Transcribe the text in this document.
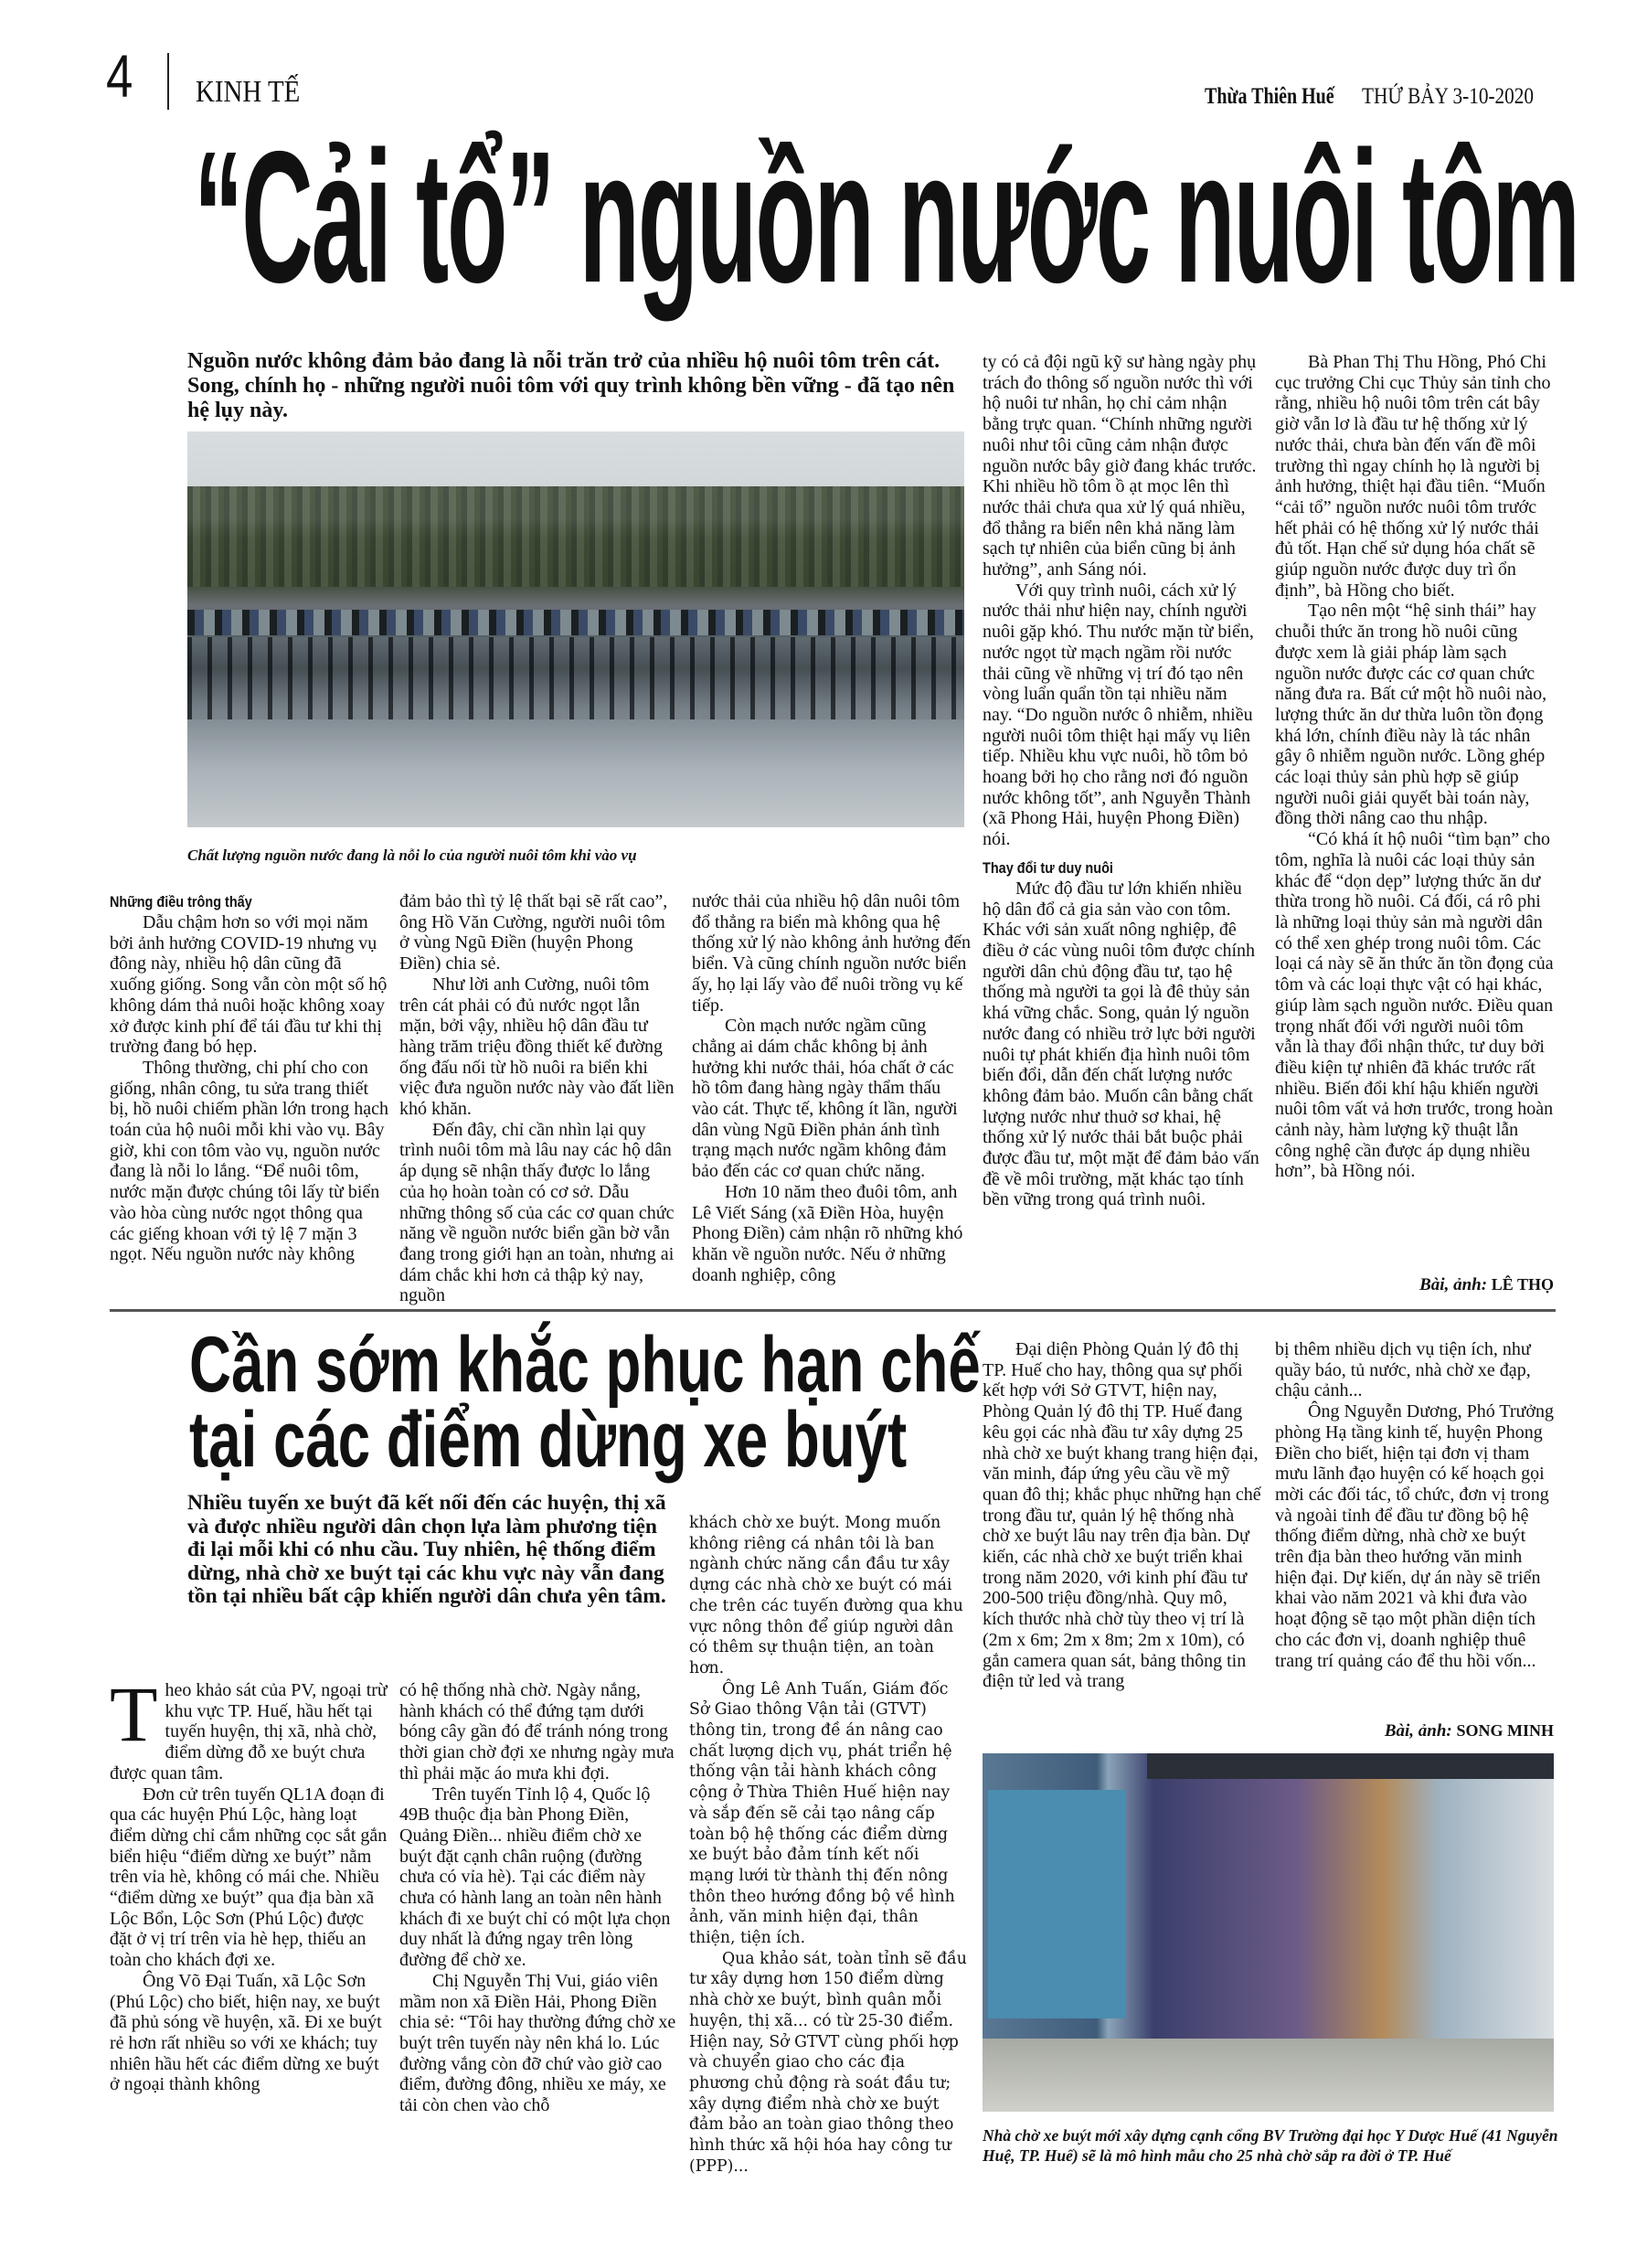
4 KINH TẾ	Thừa Thiên Huế THỨ BẢY 3-10-2020
“Cải tổ” nguồn nước nuôi tôm
Nguồn nước không đảm bảo đang là nỗi trăn trở của nhiều hộ nuôi tôm trên cát. Song, chính họ - những người nuôi tôm với quy trình không bền vững - đã tạo nên hệ lụy này.
Chất lượng nguồn nước đang là nỗi lo của người nuôi tôm khi vào vụ
Những điều trông thấy

Dẫu chậm hơn so với mọi năm bởi ảnh hưởng COVID-19 nhưng vụ đông này, nhiều hộ dân cũng đã xuống giống. Song vẫn còn một số hộ không dám thả nuôi hoặc không xoay xở được kinh phí để tái đầu tư khi thị trường đang bó hẹp.

Thông thường, chi phí cho con giống, nhân công, tu sửa trang thiết bị, hồ nuôi chiếm phần lớn trong hạch toán của hộ nuôi mỗi khi vào vụ. Bây giờ, khi con tôm vào vụ, nguồn nước đang là nỗi lo lắng. “Để nuôi tôm, nước mặn được chúng tôi lấy từ biển vào hòa cùng nước ngọt thông qua các giếng khoan với tỷ lệ 7 mặn 3 ngọt. Nếu nguồn nước này không

đảm bảo thì tỷ lệ thất bại sẽ rất cao”, ông Hồ Văn Cường, người nuôi tôm ở vùng Ngũ Điền (huyện Phong Điền) chia sẻ.

Như lời anh Cường, nuôi tôm trên cát phải có đủ nước ngọt lẫn mặn, bởi vậy, nhiều hộ dân đầu tư hàng trăm triệu đồng thiết kế đường ống đấu nối từ hồ nuôi ra biển khi việc đưa nguồn nước này vào đất liền khó khăn.

Đến đây, chỉ cần nhìn lại quy trình nuôi tôm mà lâu nay các hộ dân áp dụng sẽ nhận thấy được lo lắng của họ hoàn toàn có cơ sở. Dẫu những thông số của các cơ quan chức năng về nguồn nước biển gần bờ vẫn đang trong giới hạn an toàn, nhưng ai dám chắc khi hơn cả thập kỷ nay, nguồn

nước thải của nhiều hộ dân nuôi tôm đổ thẳng ra biển mà không qua hệ thống xử lý nào không ảnh hưởng đến biển. Và cũng chính nguồn nước biển ấy, họ lại lấy vào để nuôi trồng vụ kế tiếp.

Còn mạch nước ngầm cũng chẳng ai dám chắc không bị ảnh hưởng khi nước thải, hóa chất ở các hồ tôm đang hàng ngày thẩm thấu vào cát. Thực tế, không ít lần, người dân vùng Ngũ Điền phản ánh tình trạng mạch nước ngầm không đảm bảo đến các cơ quan chức năng.

Hơn 10 năm theo đuôi tôm, anh Lê Viết Sáng (xã Điền Hòa, huyện Phong Điền) cảm nhận rõ những khó khăn về nguồn nước. Nếu ở những doanh nghiệp, công

ty có cả đội ngũ kỹ sư hàng ngày phụ trách đo thông số nguồn nước thì với hộ nuôi tư nhân, họ chỉ cảm nhận bằng trực quan. “Chính những người nuôi như tôi cũng cảm nhận được nguồn nước bây giờ đang khác trước. Khi nhiều hồ tôm ồ ạt mọc lên thì nước thải chưa qua xử lý quá nhiều, đổ thẳng ra biển nên khả năng làm sạch tự nhiên của biển cũng bị ảnh hưởng”, anh Sáng nói.

Với quy trình nuôi, cách xử lý nước thải như hiện nay, chính người nuôi gặp khó. Thu nước mặn từ biển, nước ngọt từ mạch ngầm rồi nước thải cũng về những vị trí đó tạo nên vòng luẩn quẩn tồn tại nhiều năm nay. “Do nguồn nước ô nhiễm, nhiều người nuôi tôm thiệt hại mấy vụ liên tiếp. Nhiều khu vực nuôi, hồ tôm bỏ hoang bởi họ cho rằng nơi đó nguồn nước không tốt”, anh Nguyễn Thành (xã Phong Hải, huyện Phong Điền) nói.

Thay đổi tư duy nuôi

Mức độ đầu tư lớn khiến nhiều hộ dân đổ cả gia sản vào con tôm. Khác với sản xuất nông nghiệp, đê điều ở các vùng nuôi tôm được chính người dân chủ động đầu tư, tạo hệ thống mà người ta gọi là đê thủy sản khá vững chắc. Song, quản lý nguồn nước đang có nhiều trở lực bởi người nuôi tự phát khiến địa hình nuôi tôm biến đổi, dẫn đến chất lượng nước không đảm bảo. Muốn cân bằng chất lượng nước như thuở sơ khai, hệ thống xử lý nước thải bắt buộc phải được đầu tư, một mặt để đảm bảo vấn đề về môi trường, mặt khác tạo tính bền vững trong quá trình nuôi.

Bà Phan Thị Thu Hồng, Phó Chi cục trưởng Chi cục Thủy sản tỉnh cho rằng, nhiều hộ nuôi tôm trên cát bây giờ vẫn lơ là đầu tư hệ thống xử lý nước thải, chưa bàn đến vấn đề môi trường thì ngay chính họ là người bị ảnh hưởng, thiệt hại đầu tiên. “Muốn “cải tổ” nguồn nước nuôi tôm trước hết phải có hệ thống xử lý nước thải đủ tốt. Hạn chế sử dụng hóa chất sẽ giúp nguồn nước được duy trì ổn định”, bà Hồng cho biết.

Tạo nên một “hệ sinh thái” hay chuỗi thức ăn trong hồ nuôi cũng được xem là giải pháp làm sạch nguồn nước được các cơ quan chức năng đưa ra. Bất cứ một hồ nuôi nào, lượng thức ăn dư thừa luôn tồn đọng khá lớn, chính điều này là tác nhân gây ô nhiễm nguồn nước. Lồng ghép các loại thủy sản phù hợp sẽ giúp người nuôi giải quyết bài toán này, đồng thời nâng cao thu nhập.

“Có khá ít hộ nuôi “tìm bạn” cho tôm, nghĩa là nuôi các loại thủy sản khác để “dọn dẹp” lượng thức ăn dư thừa trong hồ nuôi. Cá đối, cá rô phi là những loại thủy sản mà người dân có thể xen ghép trong nuôi tôm. Các loại cá này sẽ ăn thức ăn tồn đọng của tôm và các loại thực vật có hại khác, giúp làm sạch nguồn nước. Điều quan trọng nhất đối với người nuôi tôm vẫn là thay đổi nhận thức, tư duy bởi điều kiện tự nhiên đã khác trước rất nhiều. Biến đổi khí hậu khiến người nuôi tôm vất vả hơn trước, trong hoàn cảnh này, hàm lượng kỹ thuật lẫn công nghệ cần được áp dụng nhiều hơn”, bà Hồng nói.

Bài, ảnh: LÊ THỌ
Cần sớm khắc phục hạn chế
tại các điểm dừng xe buýt
Nhiều tuyến xe buýt đã kết nối đến các huyện, thị xã và được nhiều người dân chọn lựa làm phương tiện đi lại mỗi khi có nhu cầu. Tuy nhiên, hệ thống điểm dừng, nhà chờ xe buýt tại các khu vực này vẫn đang tồn tại nhiều bất cập khiến người dân chưa yên tâm.

Theo khảo sát của PV, ngoại trừ khu vực TP. Huế, hầu hết tại tuyến huyện, thị xã, nhà chờ, điểm dừng đỗ xe buýt chưa được quan tâm.

Đơn cử trên tuyến QL1A đoạn đi qua các huyện Phú Lộc, hàng loạt điểm dừng chỉ cắm những cọc sắt gắn biển hiệu “điểm dừng xe buýt” nằm trên vỉa hè, không có mái che. Nhiều “điểm dừng xe buýt” qua địa bàn xã Lộc Bổn, Lộc Sơn (Phú Lộc) được đặt ở vị trí trên vỉa hè hẹp, thiếu an toàn cho khách đợi xe.

Ông Võ Đại Tuấn, xã Lộc Sơn (Phú Lộc) cho biết, hiện nay, xe buýt đã phủ sóng về huyện, xã. Đi xe buýt rẻ hơn rất nhiều so với xe khách; tuy nhiên hầu hết các điểm dừng xe buýt ở ngoại thành không

có hệ thống nhà chờ. Ngày nắng, hành khách có thể đứng tạm dưới bóng cây gần đó để tránh nóng trong thời gian chờ đợi xe nhưng ngày mưa thì phải mặc áo mưa khi đợi.

Trên tuyến Tỉnh lộ 4, Quốc lộ 49B thuộc địa bàn Phong Điền, Quảng Điền... nhiều điểm chờ xe buýt đặt cạnh chân ruộng (đường chưa có vỉa hè). Tại các điểm này chưa có hành lang an toàn nên hành khách đi xe buýt chỉ có một lựa chọn duy nhất là đứng ngay trên lòng đường để chờ xe.

Chị Nguyễn Thị Vui, giáo viên mầm non xã Điền Hải, Phong Điền chia sẻ: “Tôi hay thường đứng chờ xe buýt trên tuyến này nên khá lo. Lúc đường vắng còn đỡ chứ vào giờ cao điểm, đường đông, nhiều xe máy, xe tải còn chen vào chỗ

khách chờ xe buýt. Mong muốn không riêng cá nhân tôi là ban ngành chức năng cần đầu tư xây dựng các nhà chờ xe buýt có mái che trên các tuyến đường qua khu vực nông thôn để giúp người dân có thêm sự thuận tiện, an toàn hơn.

Ông Lê Anh Tuấn, Giám đốc Sở Giao thông Vận tải (GTVT) thông tin, trong đề án nâng cao chất lượng dịch vụ, phát triển hệ thống vận tải hành khách công cộng ở Thừa Thiên Huế hiện nay và sắp đến sẽ cải tạo nâng cấp toàn bộ hệ thống các điểm dừng xe buýt bảo đảm tính kết nối mạng lưới từ thành thị đến nông thôn theo hướng đồng bộ về hình ảnh, văn minh hiện đại, thân thiện, tiện ích.

Qua khảo sát, toàn tỉnh sẽ đầu tư xây dựng hơn 150 điểm dừng nhà chờ xe buýt, bình quân mỗi huyện, thị xã... có từ 25-30 điểm. Hiện nay, Sở GTVT cùng phối hợp và chuyển giao cho các địa phương chủ động rà soát đầu tư; xây dựng điểm nhà chờ xe buýt đảm bảo an toàn giao thông theo hình thức xã hội hóa hay công tư (PPP)...

Đại diện Phòng Quản lý đô thị TP. Huế cho hay, thông qua sự phối kết hợp với Sở GTVT, hiện nay, Phòng Quản lý đô thị TP. Huế đang kêu gọi các nhà đầu tư xây dựng 25 nhà chờ xe buýt khang trang hiện đại, văn minh, đáp ứng yêu cầu về mỹ quan đô thị; khắc phục những hạn chế trong đầu tư, quản lý hệ thống nhà chờ xe buýt lâu nay trên địa bàn. Dự kiến, các nhà chờ xe buýt triển khai trong năm 2020, với kinh phí đầu tư 200-500 triệu đồng/nhà. Quy mô, kích thước nhà chờ tùy theo vị trí là (2m x 6m; 2m x 8m; 2m x 10m), có gắn camera quan sát, bảng thông tin điện tử led và trang

bị thêm nhiều dịch vụ tiện ích, như quầy báo, tủ nước, nhà chờ xe đạp, chậu cảnh...

Ông Nguyễn Dương, Phó Trưởng phòng Hạ tầng kinh tế, huyện Phong Điền cho biết, hiện tại đơn vị tham mưu lãnh đạo huyện có kế hoạch gọi mời các đối tác, tổ chức, đơn vị trong và ngoài tỉnh để đầu tư đồng bộ hệ thống điểm dừng, nhà chờ xe buýt trên địa bàn theo hướng văn minh hiện đại. Dự kiến, dự án này sẽ triển khai vào năm 2021 và khi đưa vào hoạt động sẽ tạo một phần diện tích cho các đơn vị, doanh nghiệp thuê trang trí quảng cáo để thu hồi vốn...

Bài, ảnh: SONG MINH
Nhà chờ xe buýt mới xây dựng cạnh cổng BV Trường đại học Y Dược Huế (41 Nguyễn Huệ, TP. Huế) sẽ là mô hình mẫu cho 25 nhà chờ sắp ra đời ở TP. Huế
